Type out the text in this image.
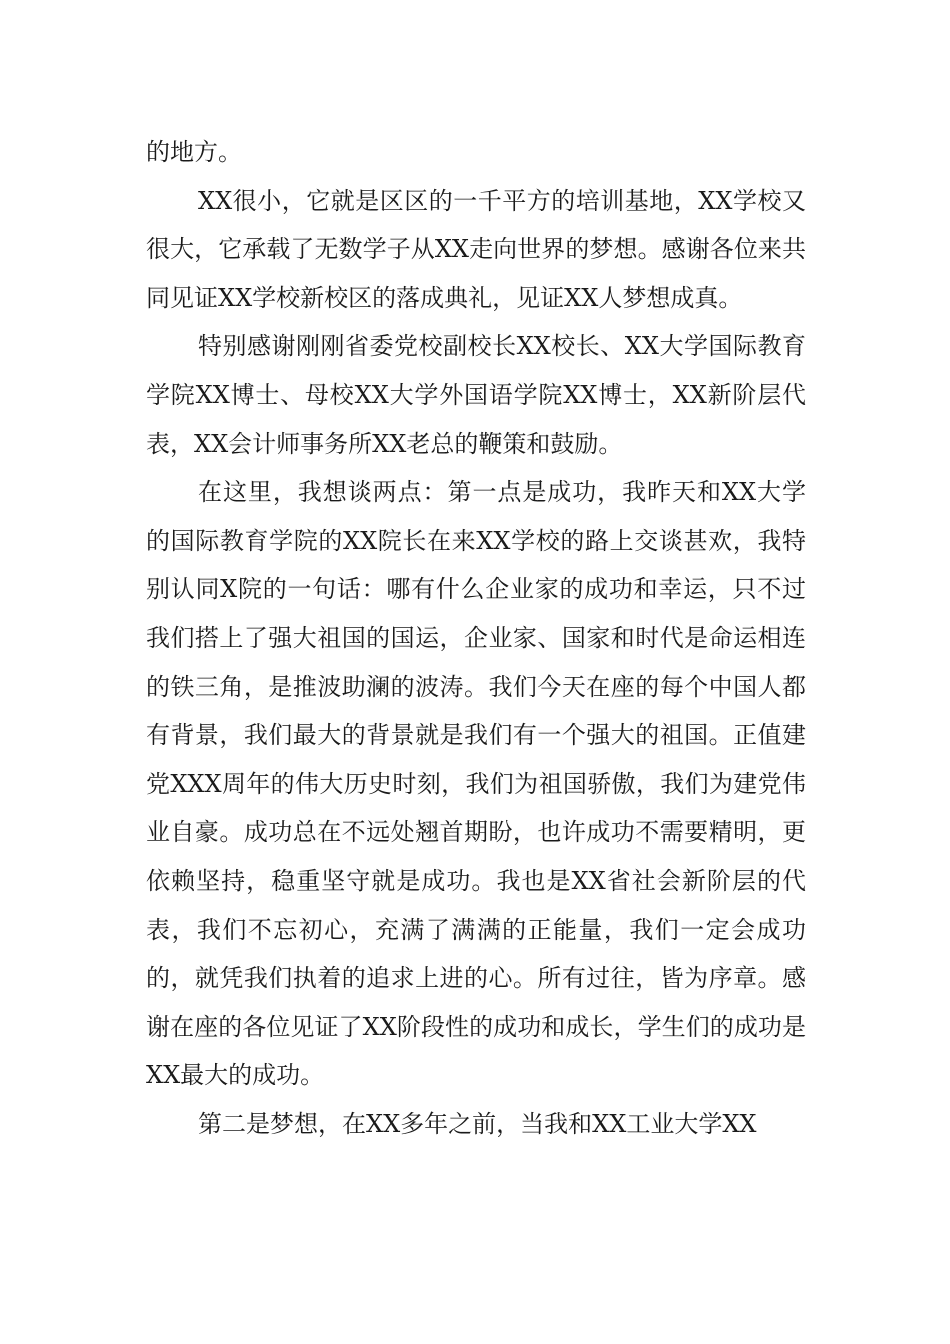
的地方。

XX很小，它就是区区的一千平方的培训基地，XX学校又很大，它承载了无数学子从XX走向世界的梦想。感谢各位来共同见证XX学校新校区的落成典礼，见证XX人梦想成真。

特别感谢刚刚省委党校副校长XX校长、XX大学国际教育学院XX博士、母校XX大学外国语学院XX博士，XX新阶层代表，XX会计师事务所XX老总的鞭策和鼓励。

在这里，我想谈两点：第一点是成功，我昨天和XX大学的国际教育学院的XX院长在来XX学校的路上交谈甚欢，我特别认同X院的一句话：哪有什么企业家的成功和幸运，只不过我们搭上了强大祖国的国运，企业家、国家和时代是命运相连的铁三角，是推波助澜的波涛。我们今天在座的每个中国人都有背景，我们最大的背景就是我们有一个强大的祖国。正值建党XXX周年的伟大历史时刻，我们为祖国骄傲，我们为建党伟业自豪。成功总在不远处翘首期盼，也许成功不需要精明，更依赖坚持，稳重坚守就是成功。我也是XX省社会新阶层的代表，我们不忘初心，充满了满满的正能量，我们一定会成功的，就凭我们执着的追求上进的心。所有过往，皆为序章。感谢在座的各位见证了XX阶段性的成功和成长，学生们的成功是XX最大的成功。

第二是梦想，在XX多年之前，当我和XX工业大学XX
